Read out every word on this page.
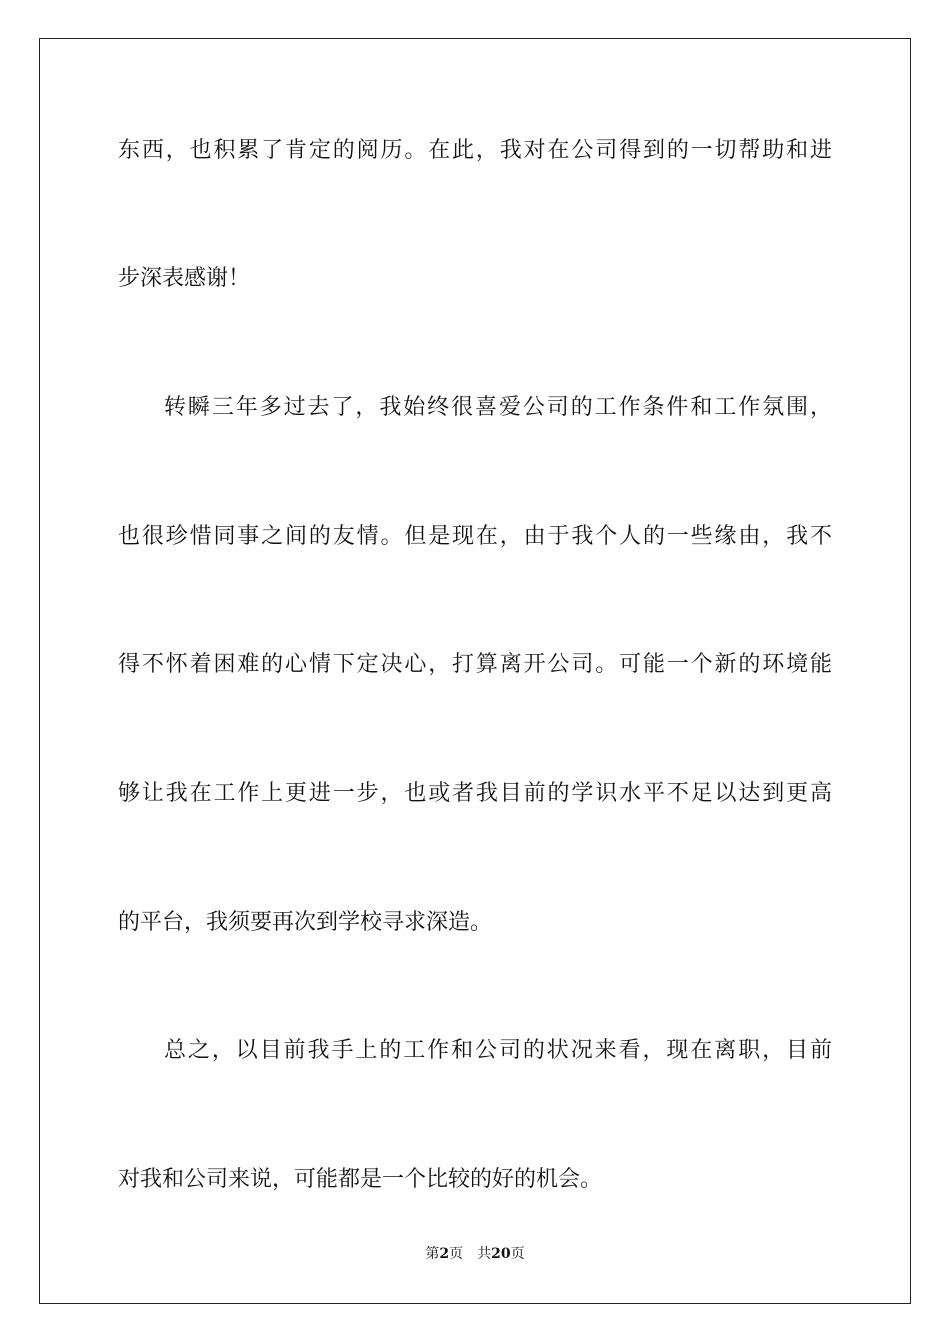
东西，也积累了肯定的阅历。在此，我对在公司得到的一切帮助和进
步深表感谢！
转瞬三年多过去了，我始终很喜爱公司的工作条件和工作氛围，
也很珍惜同事之间的友情。但是现在，由于我个人的一些缘由，我不
得不怀着困难的心情下定决心，打算离开公司。可能一个新的环境能
够让我在工作上更进一步，也或者我目前的学识水平不足以达到更高
的平台，我须要再次到学校寻求深造。
总之，以目前我手上的工作和公司的状况来看，现在离职，目前
对我和公司来说，可能都是一个比较的好的机会。
第2页 共20页
